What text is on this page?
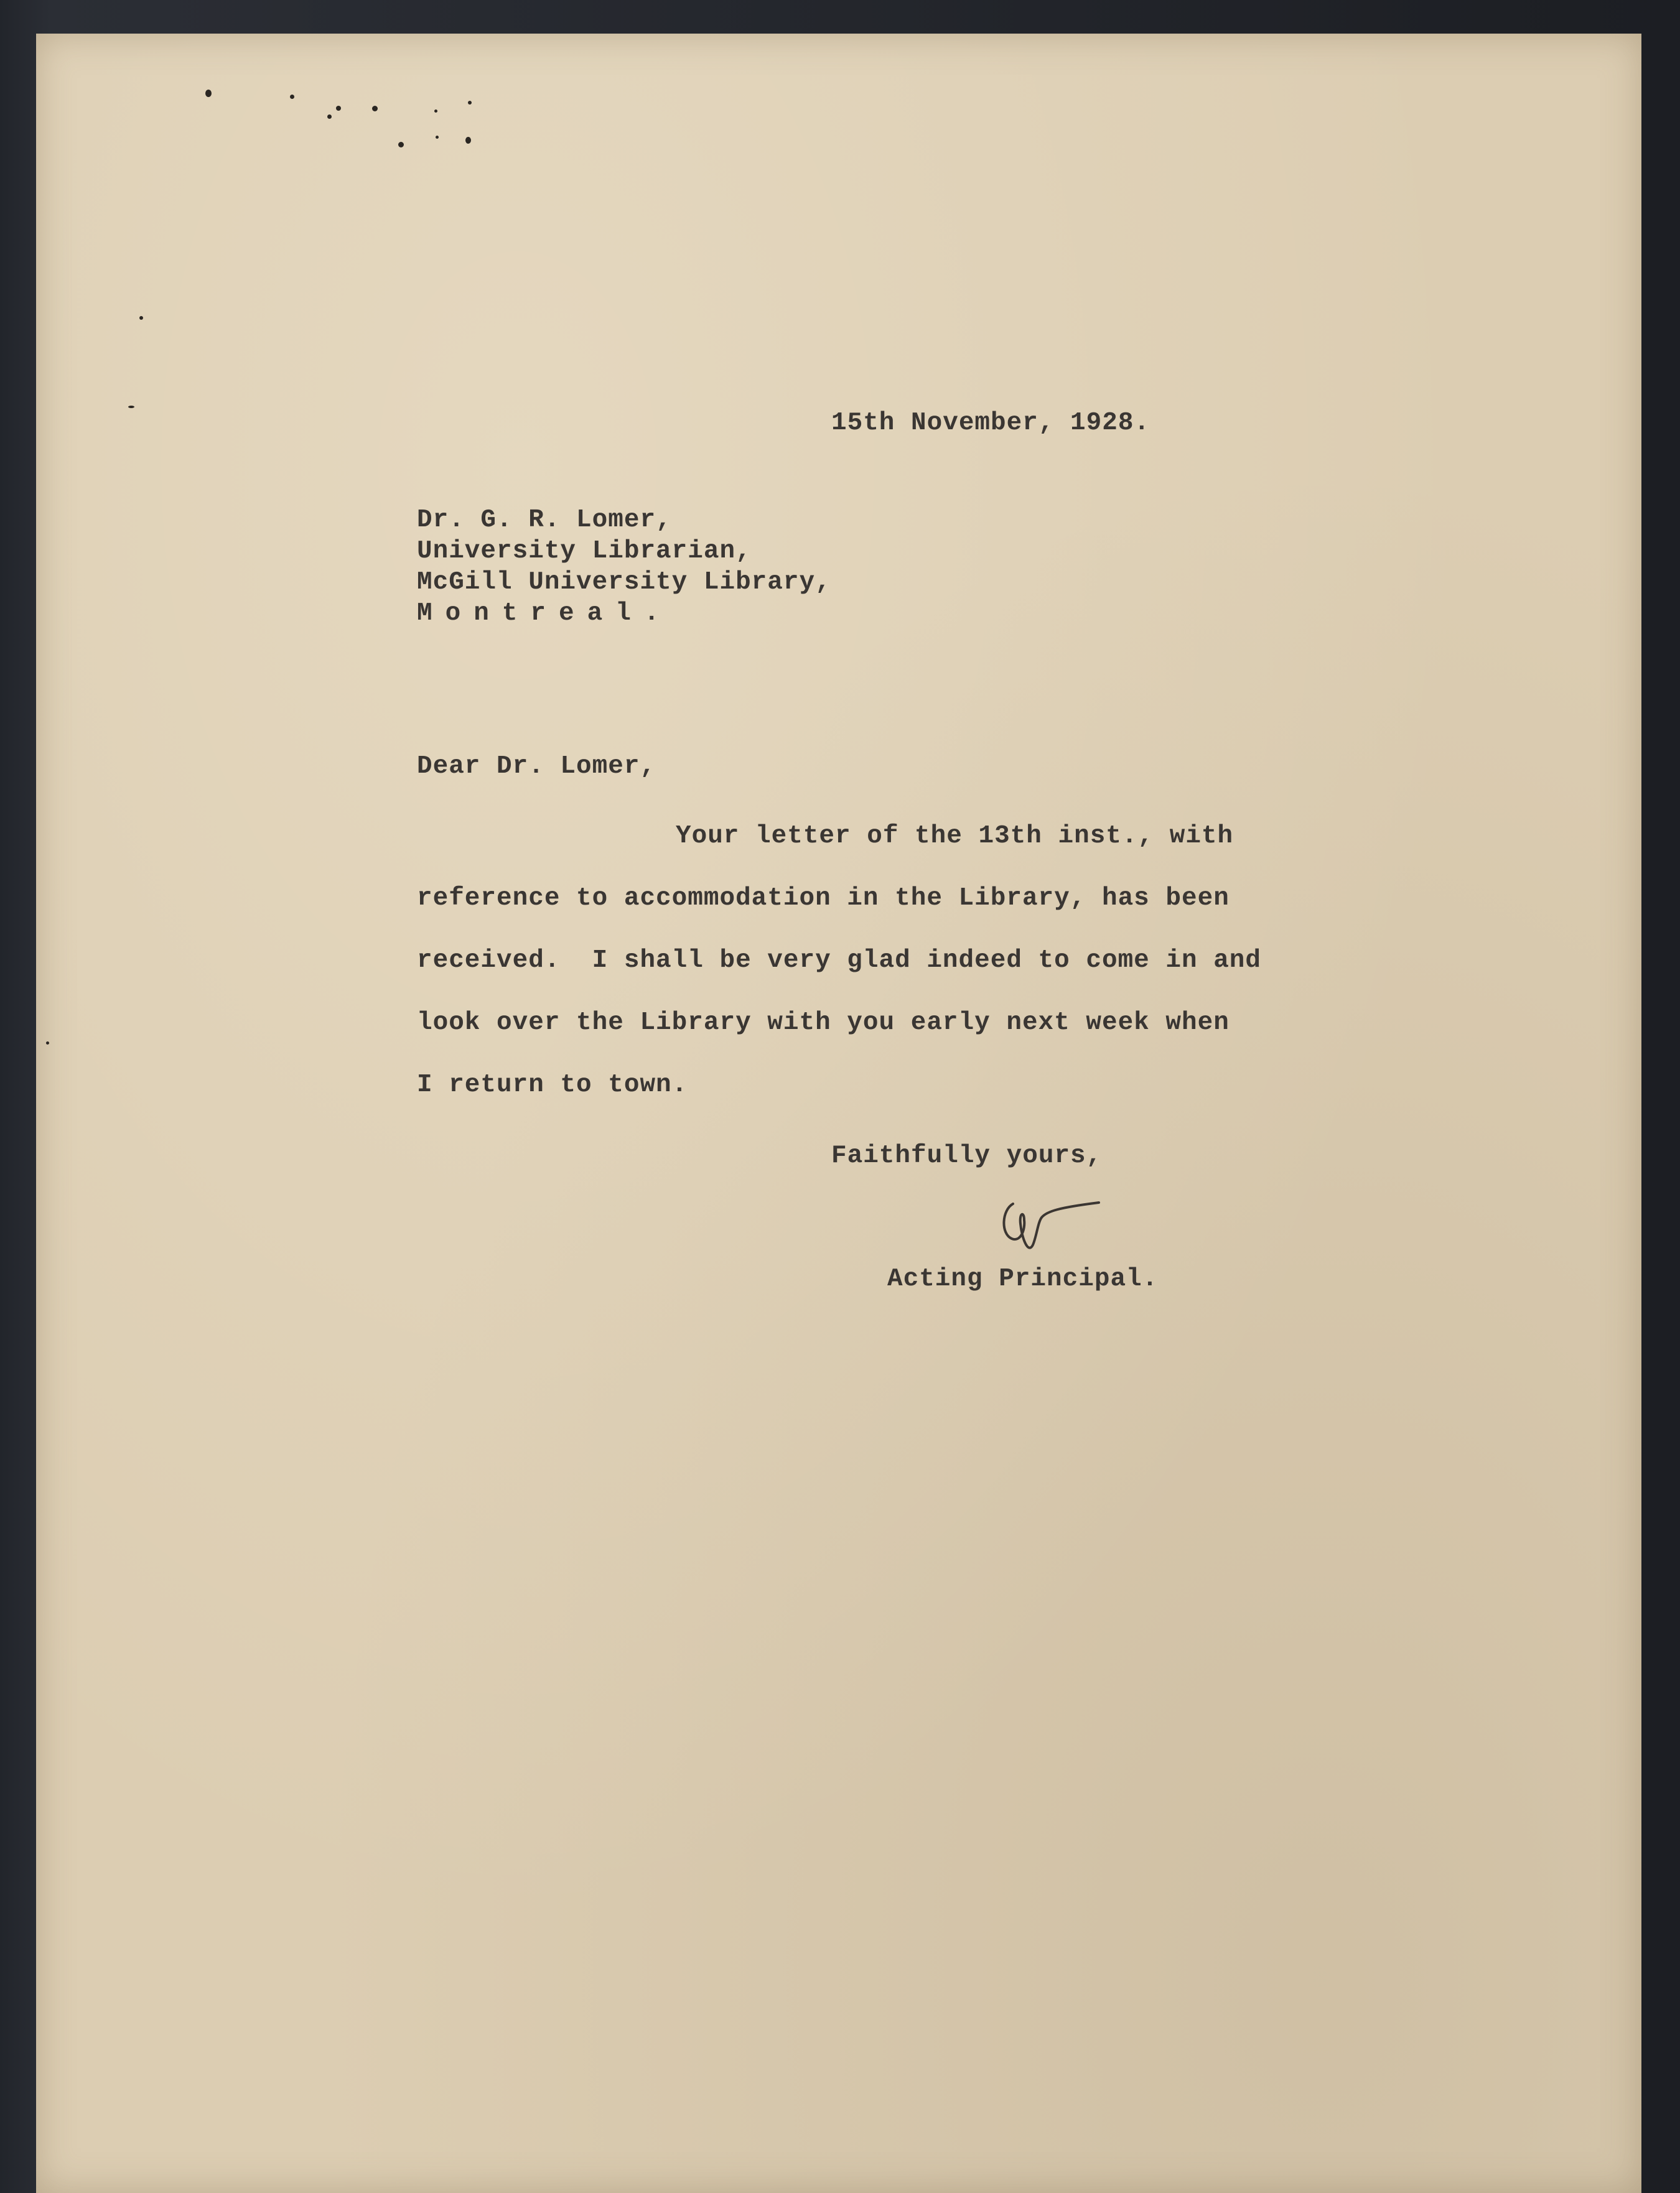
15th November, 1928.
Dr. G. R. Lomer,
University Librarian,
McGill University Library,
Montreal.
Dear Dr. Lomer,
Your letter of the 13th inst., with
reference to accommodation in the Library, has been
received.  I shall be very glad indeed to come in and
look over the Library with you early next week when
I return to town.
Faithfully yours,
Acting Principal.
